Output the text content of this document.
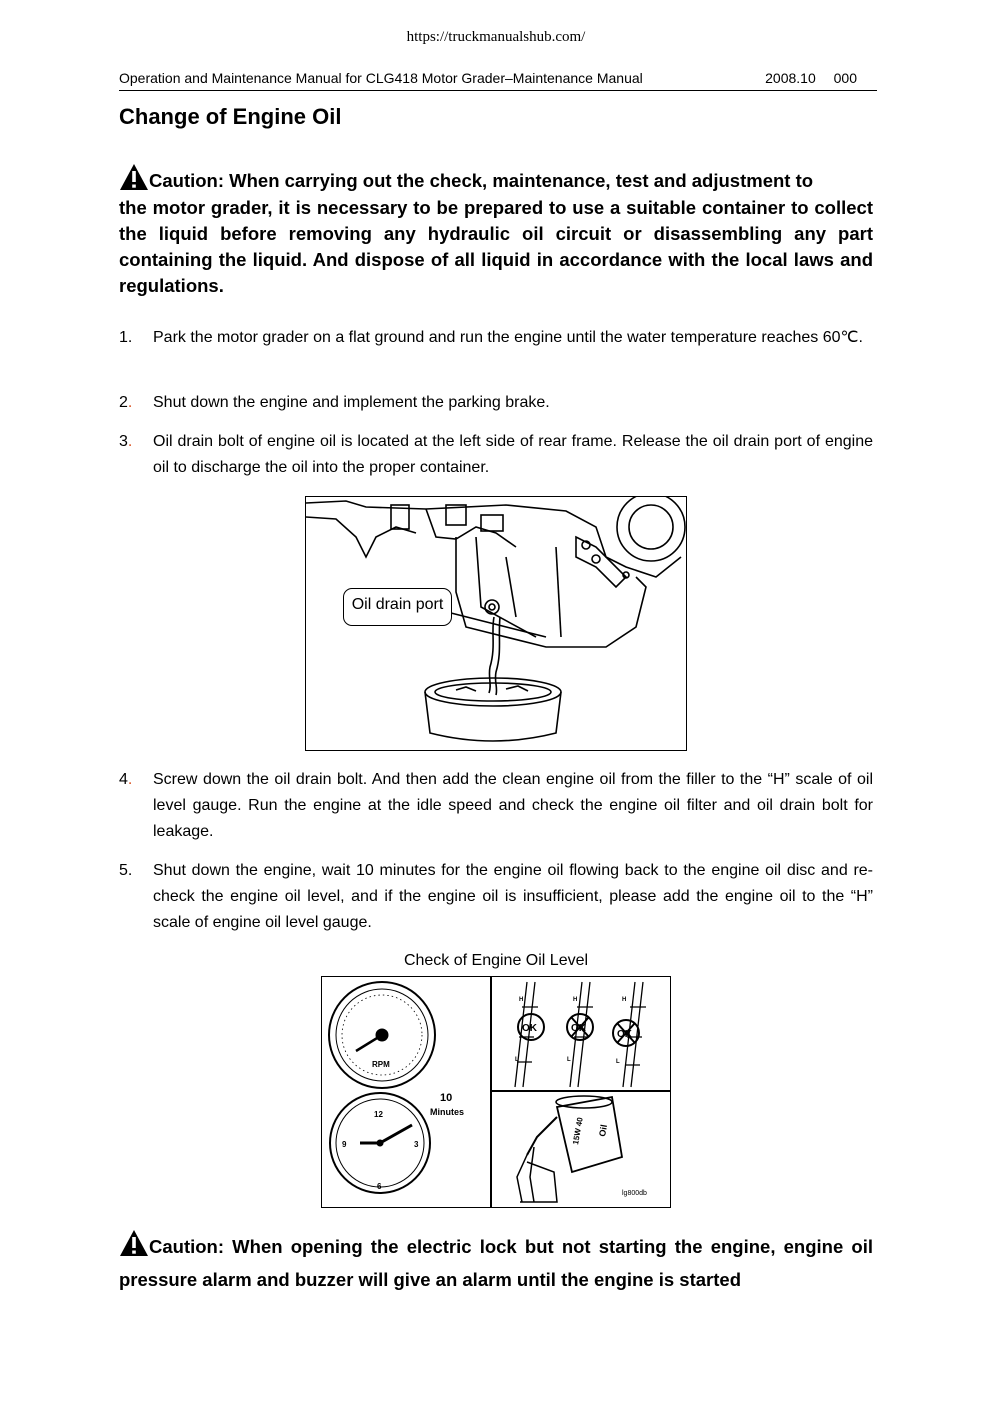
https://truckmanualshub.com/
Operation and Maintenance Manual for CLG418 Motor Grader–Maintenance Manual	2008.10 000
Change of Engine Oil
Caution: When carrying out the check, maintenance, test and adjustment to
the motor grader, it is necessary to be prepared to use a suitable container to collect the liquid before removing any hydraulic oil circuit or disassembling any part containing the liquid. And dispose of all liquid in accordance with the local laws and regulations.
1.	Park the motor grader on a flat ground and run the engine until the water temperature reaches 60℃.
2.	Shut down the engine and implement the parking brake.
3.	Oil drain bolt of engine oil is located at the left side of rear frame. Release the oil drain port of engine oil to discharge the oil into the proper container.
Oil drain port
4.	Screw down the oil drain bolt. And then add the clean engine oil from the filler to the “H” scale of oil level gauge. Run the engine at the idle speed and check the engine oil filter and oil drain bolt for leakage.
5.	Shut down the engine, wait 10 minutes for the engine oil flowing back to the engine oil disc and re-check the engine oil level, and if the engine oil is insufficient, please add the engine oil to the “H” scale of engine oil level gauge.
Check of Engine Oil Level
RPM
10
Minutes
12
3
6
9
OK	OK
OK
H	H	H
L	L	L
Oil
15W 40
lg800db
Caution: When opening the electric lock but not starting the engine, engine oil pressure alarm and buzzer will give an alarm until the engine is started
